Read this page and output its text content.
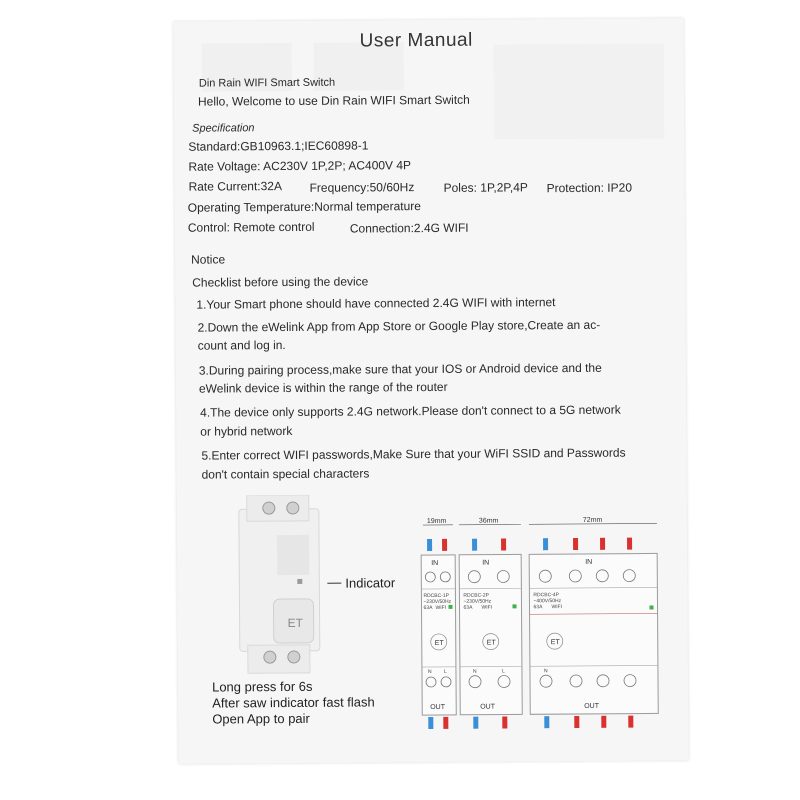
User Manual
Din Rain WIFI Smart Switch
Hello, Welcome to use Din Rain WIFI Smart Switch
Specification
Standard:GB10963.1;IEC60898-1
Rate Voltage: AC230V 1P,2P; AC400V 4P
Rate Current:32A Frequency:50/60Hz Poles: 1P,2P,4P Protection: IP20
Operating Temperature:Normal temperature
Control: Remote control	Connection:2.4G WIFI
Notice
Checklist before using the device
1.Your Smart phone should have connected 2.4G WIFI with internet
2.Down the eWelink App from App Store or Google Play store,Create an ac-
count and log in.
3.During pairing process,make sure that your IOS or Android device and the
eWelink device is within the range of the router
4.The device only supports 2.4G network.Please don't connect to a 5G network
or hybrid network
5.Enter correct WIFI passwords,Make Sure that your WiFI SSID and Passwords
don't contain special characters
ET
Indicator
Long press for 6s
After saw indicator fast flash
Open App to pair
19mm	36mm	72mm
IN	IN	IN
RDCBC-1P
~230V/50Hz
63A WIFI
RDCBC-2P
~230V/50Hz
63A WIFI
RDCBC-4P
~400V/50Hz
63A WIFI
ET	ET	ET
N L	N	L	N
OUT	OUT	OUT
